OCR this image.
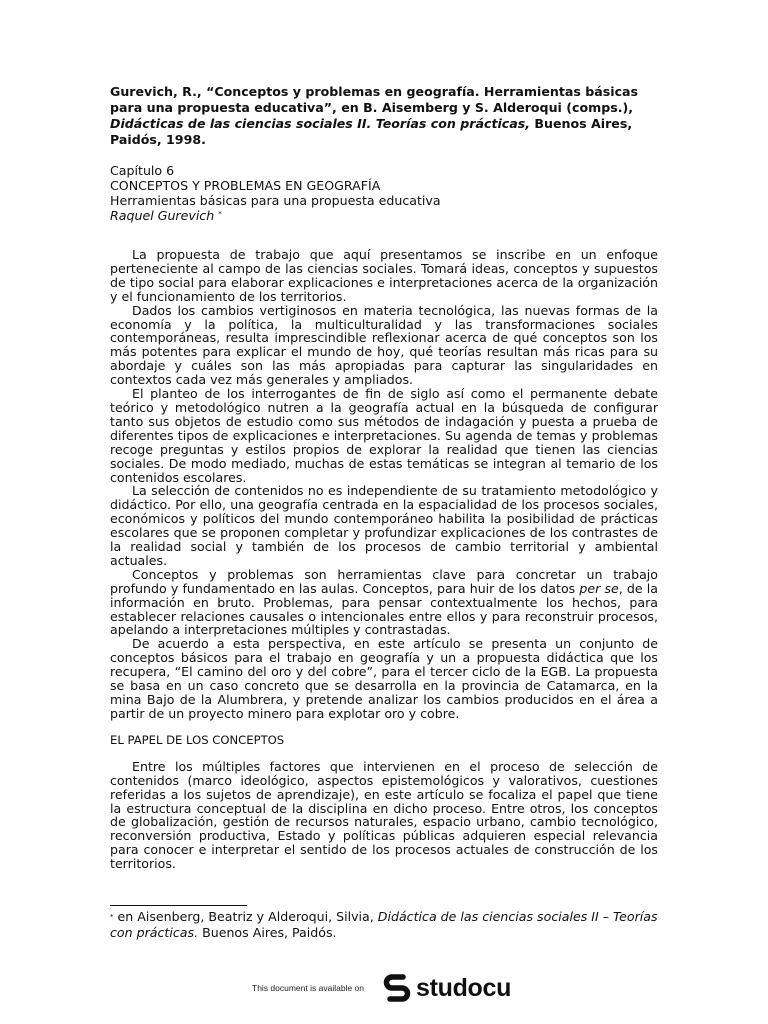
Gurevich, R., “Conceptos y problemas en geografía. Herramientas básicas para una propuesta educativa”, en B. Aisemberg y S. Alderoqui (comps.), Didácticas de las ciencias sociales II. Teorías con prácticas, Buenos Aires, Paidós, 1998.

Capítulo 6
CONCEPTOS Y PROBLEMAS EN GEOGRAFÍA
Herramientas básicas para una propuesta educativa
Raquel Gurevich *

La propuesta de trabajo que aquí presentamos se inscribe en un enfoque perteneciente al campo de las ciencias sociales. Tomará ideas, conceptos y supuestos de tipo social para elaborar explicaciones e interpretaciones acerca de la organización y el funcionamiento de los territorios.

Dados los cambios vertiginosos en materia tecnológica, las nuevas formas de la economía y la política, la multiculturalidad y las transformaciones sociales contemporáneas, resulta imprescindible reflexionar acerca de qué conceptos son los más potentes para explicar el mundo de hoy, qué teorías resultan más ricas para su abordaje y cuáles son las más apropiadas para capturar las singularidades en contextos cada vez más generales y ampliados.

El planteo de los interrogantes de fin de siglo así como el permanente debate teórico y metodológico nutren a la geografía actual en la búsqueda de configurar tanto sus objetos de estudio como sus métodos de indagación y puesta a prueba de diferentes tipos de explicaciones e interpretaciones. Su agenda de temas y problemas recoge preguntas y estilos propios de explorar la realidad que tienen las ciencias sociales. De modo mediado, muchas de estas temáticas se integran al temario de los contenidos escolares.

La selección de contenidos no es independiente de su tratamiento metodológico y didáctico. Por ello, una geografía centrada en la espacialidad de los procesos sociales, económicos y políticos del mundo contemporáneo habilita la posibilidad de prácticas escolares que se proponen completar y profundizar explicaciones de los contrastes de la realidad social y también de los procesos de cambio territorial y ambiental actuales.

Conceptos y problemas son herramientas clave para concretar un trabajo profundo y fundamentado en las aulas. Conceptos, para huir de los datos per se, de la información en bruto. Problemas, para pensar contextualmente los hechos, para establecer relaciones causales o intencionales entre ellos y para reconstruir procesos, apelando a interpretaciones múltiples y contrastadas.

De acuerdo a esta perspectiva, en este artículo se presenta un conjunto de conceptos básicos para el trabajo en geografía y un a propuesta didáctica que los recupera, “El camino del oro y del cobre”, para el tercer ciclo de la EGB. La propuesta se basa en un caso concreto que se desarrolla en la provincia de Catamarca, en la mina Bajo de la Alumbrera, y pretende analizar los cambios producidos en el área a partir de un proyecto minero para explotar oro y cobre.

EL PAPEL DE LOS CONCEPTOS

Entre los múltiples factores que intervienen en el proceso de selección de contenidos (marco ideológico, aspectos epistemológicos y valorativos, cuestiones referidas a los sujetos de aprendizaje), en este artículo se focaliza el papel que tiene la estructura conceptual de la disciplina en dicho proceso. Entre otros, los conceptos de globalización, gestión de recursos naturales, espacio urbano, cambio tecnológico, reconversión productiva, Estado y políticas públicas adquieren especial relevancia para conocer e interpretar el sentido de los procesos actuales de construcción de los territorios.

* en Aisenberg, Beatriz y Alderoqui, Silvia, Didáctica de las ciencias sociales II – Teorías con prácticas. Buenos Aires, Paidós.
This document is available on studocu
